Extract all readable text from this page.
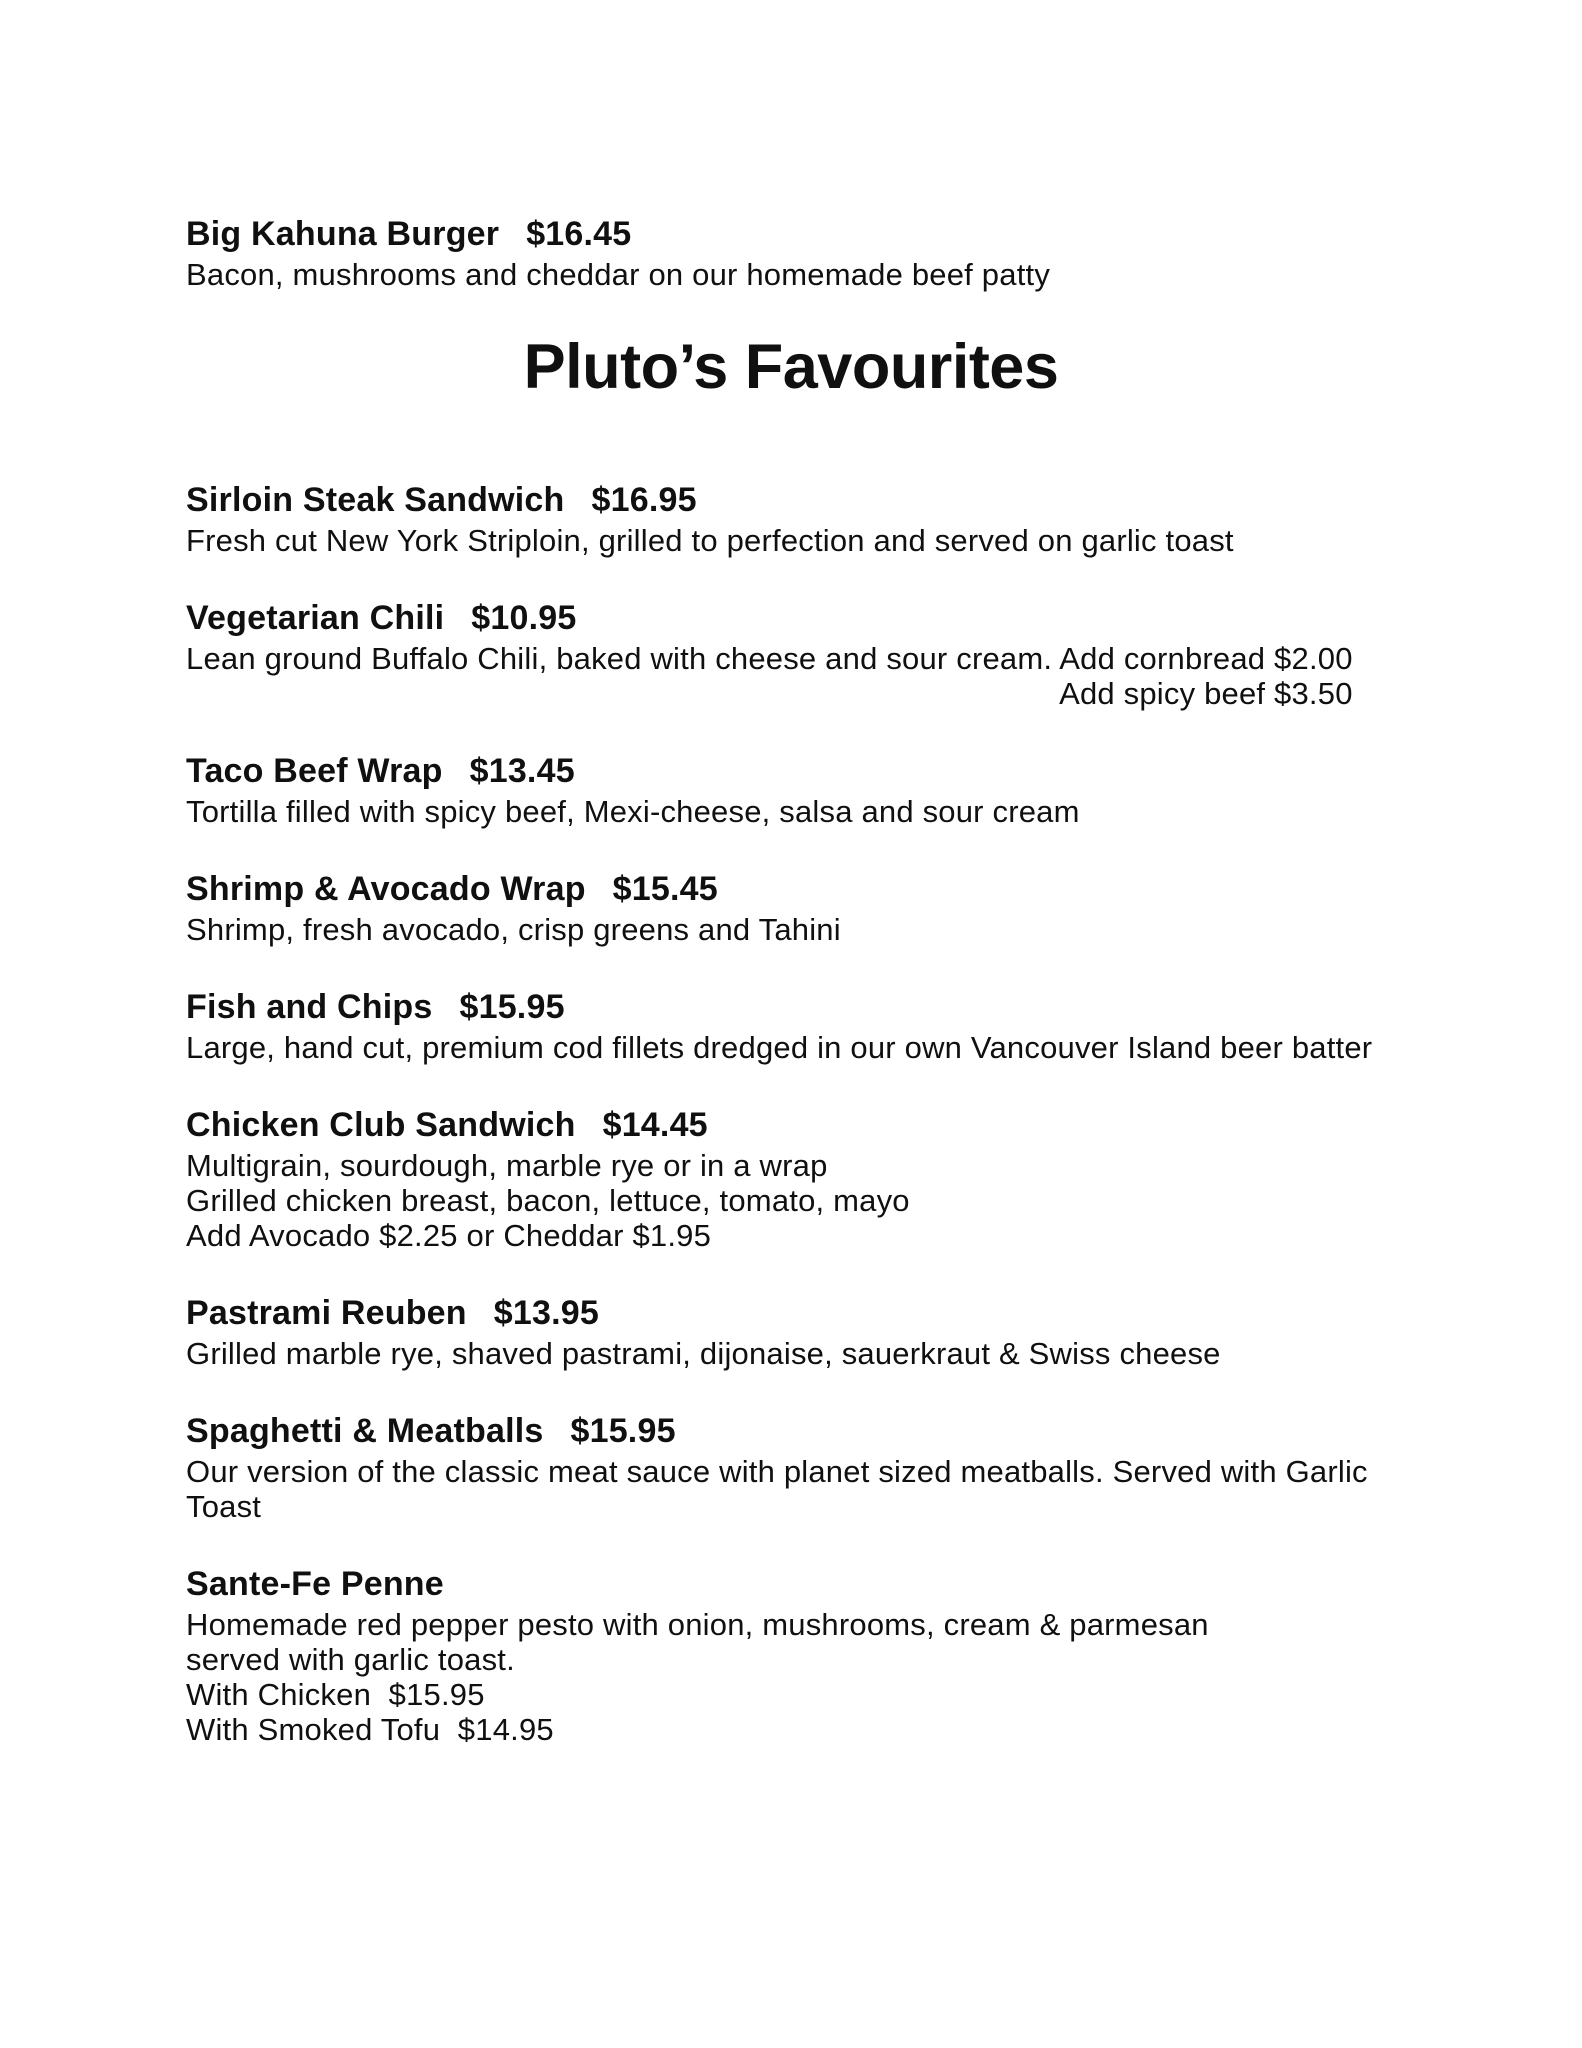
Big Kahuna Burger $16.45
Bacon, mushrooms and cheddar on our homemade beef patty
Pluto’s Favourites
Sirloin Steak Sandwich $16.95
Fresh cut New York Striploin, grilled to perfection and served on garlic toast
Vegetarian Chili $10.95
Lean ground Buffalo Chili, baked with cheese and sour cream. Add cornbread $2.00
Add spicy beef $3.50
Taco Beef Wrap $13.45
Tortilla filled with spicy beef, Mexi-cheese, salsa and sour cream
Shrimp & Avocado Wrap $15.45
Shrimp, fresh avocado, crisp greens and Tahini
Fish and Chips $15.95
Large, hand cut, premium cod fillets dredged in our own Vancouver Island beer batter
Chicken Club Sandwich $14.45
Multigrain, sourdough, marble rye or in a wrap
Grilled chicken breast, bacon, lettuce, tomato, mayo
Add Avocado $2.25 or Cheddar $1.95
Pastrami Reuben $13.95
Grilled marble rye, shaved pastrami, dijonaise, sauerkraut & Swiss cheese
Spaghetti & Meatballs $15.95
Our version of the classic meat sauce with planet sized meatballs. Served with Garlic
Toast
Sante-Fe Penne
Homemade red pepper pesto with onion, mushrooms, cream & parmesan
served with garlic toast.
With Chicken  $15.95
With Smoked Tofu  $14.95
